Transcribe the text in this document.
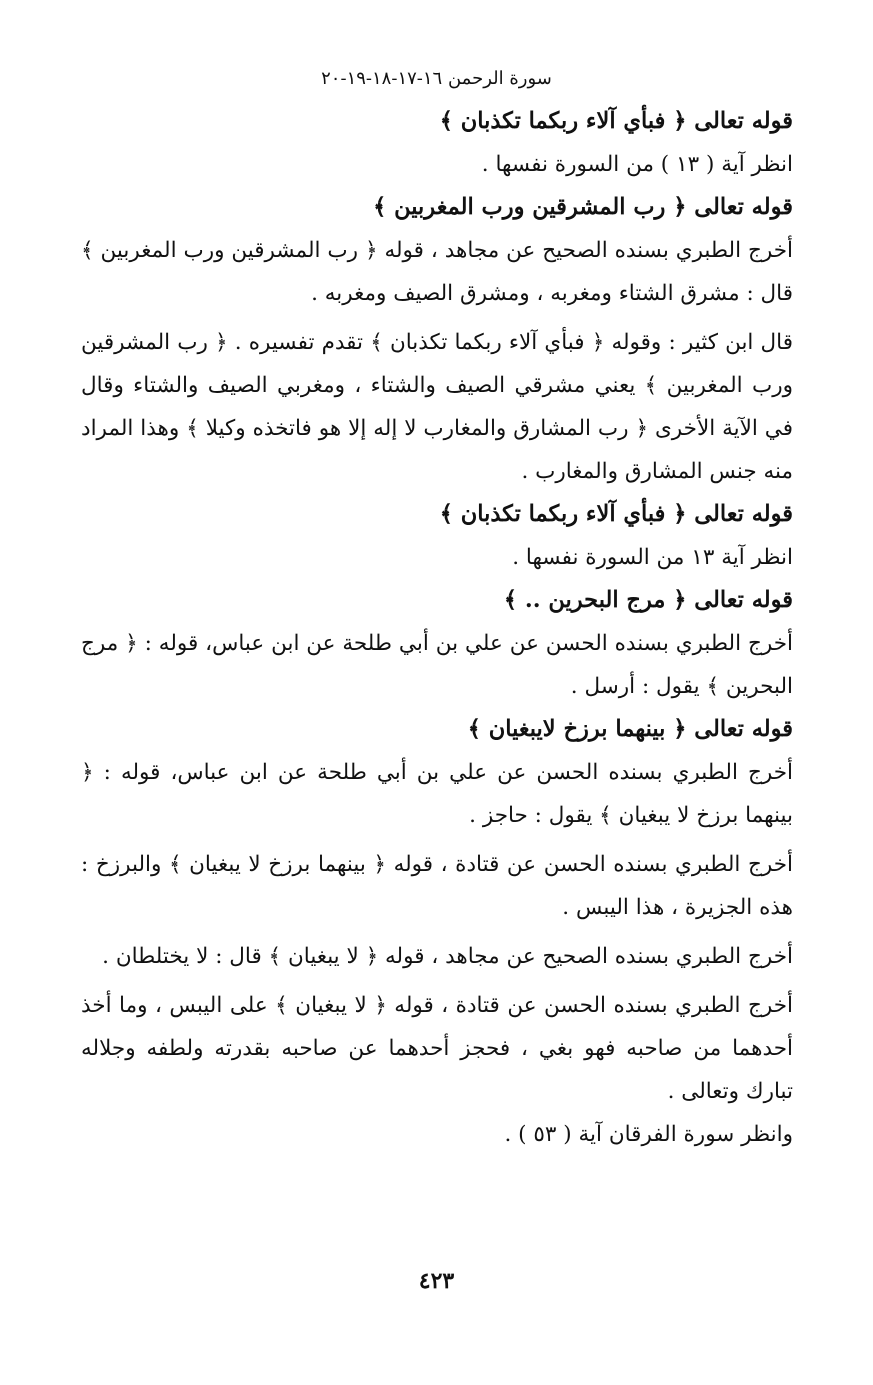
سورة الرحمن ١٦-١٧-١٨-١٩-٢٠

قوله تعالى ﴿ فبأي آلاء ربكما تكذبان ﴾

انظر آية ( ١٣ ) من السورة نفسها .

قوله تعالى ﴿ رب المشرقين ورب المغربين ﴾

أخرج الطبري بسنده الصحيح عن مجاهد ، قوله ﴿ رب المشرقين ورب المغربين ﴾ قال : مشرق الشتاء ومغربه ، ومشرق الصيف ومغربه .

قال ابن كثير : وقوله ﴿ فبأي آلاء ربكما تكذبان ﴾ تقدم تفسيره . ﴿ رب المشرقين ورب المغربين ﴾ يعني مشرقي الصيف والشتاء ، ومغربي الصيف والشتاء وقال في الآية الأخرى ﴿ رب المشارق والمغارب لا إله إلا هو فاتخذه وكيلا ﴾ وهذا المراد منه جنس المشارق والمغارب .

قوله تعالى ﴿ فبأي آلاء ربكما تكذبان ﴾

انظر آية ١٣ من السورة نفسها .

قوله تعالى ﴿ مرج البحرين .. ﴾

أخرج الطبري بسنده الحسن عن علي بن أبي طلحة عن ابن عباس، قوله : ﴿ مرج البحرين ﴾ يقول : أرسل .

قوله تعالى ﴿ بينهما برزخ لايبغيان ﴾

أخرج الطبري بسنده الحسن عن علي بن أبي طلحة عن ابن عباس، قوله : ﴿ بينهما برزخ لا يبغيان ﴾ يقول : حاجز .

أخرج الطبري بسنده الحسن عن قتادة ، قوله ﴿ بينهما برزخ لا يبغيان ﴾ والبرزخ : هذه الجزيرة ، هذا اليبس .

أخرج الطبري بسنده الصحيح عن مجاهد ، قوله ﴿ لا يبغيان ﴾ قال : لا يختلطان .

أخرج الطبري بسنده الحسن عن قتادة ، قوله ﴿ لا يبغيان ﴾ على اليبس ، وما أخذ أحدهما من صاحبه فهو بغي ، فحجز أحدهما عن صاحبه بقدرته ولطفه وجلاله تبارك وتعالى .

وانظر سورة الفرقان آية ( ٥٣ ) .

٤٢٣
